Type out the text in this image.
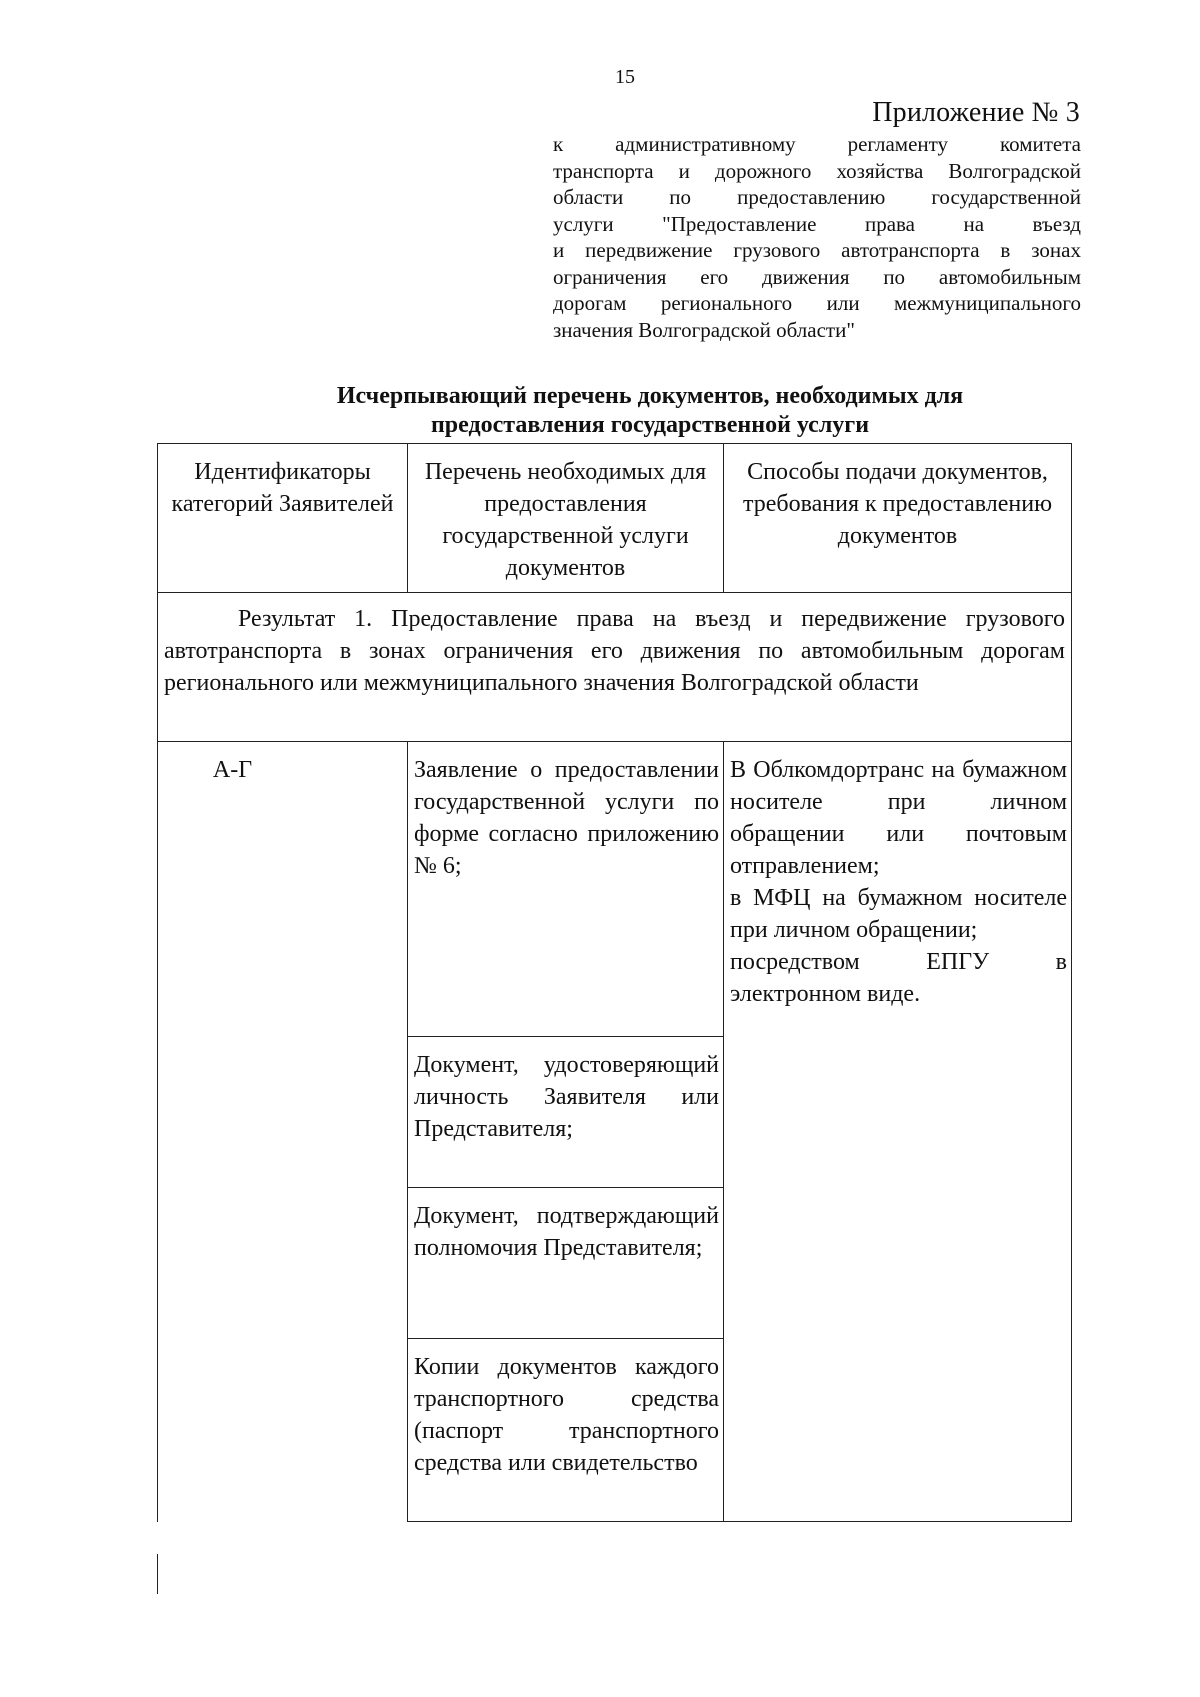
15
Приложение № 3
к административному регламенту комитета
транспорта и дорожного хозяйства Волгоградской
области по предоставлению государственной
услуги "Предоставление права на въезд
и передвижение грузового автотранспорта в зонах
ограничения его движения по автомобильным
дорогам регионального или межмуниципального
значения Волгоградской области"
Исчерпывающий перечень документов, необходимых для
предоставления государственной услуги
Идентификаторы категорий Заявителей	Перечень необходимых для предоставления государственной услуги документов	Способы подачи документов, требования к предоставлению документов
Результат 1. Предоставление права на въезд и передвижение грузового автотранспорта в зонах ограничения его движения по автомобильным дорогам регионального или межмуниципального значения Волгоградской области		
А-Г	Заявление о предоставлении государственной услуги по форме согласно приложению № 6;	В Облкомдортранс на бумажном носителе при личном обращении или почтовым отправлением;
в МФЦ на бумажном носителе при личном обращении;
посредством ЕПГУ в электронном виде.

	Документ, удостоверяющий личность Заявителя или Представителя;	
	Документ, подтверждающий полномочия Представителя;	
	Копии документов каждого транспортного средства (паспорт транспортного средства или свидетельство	
